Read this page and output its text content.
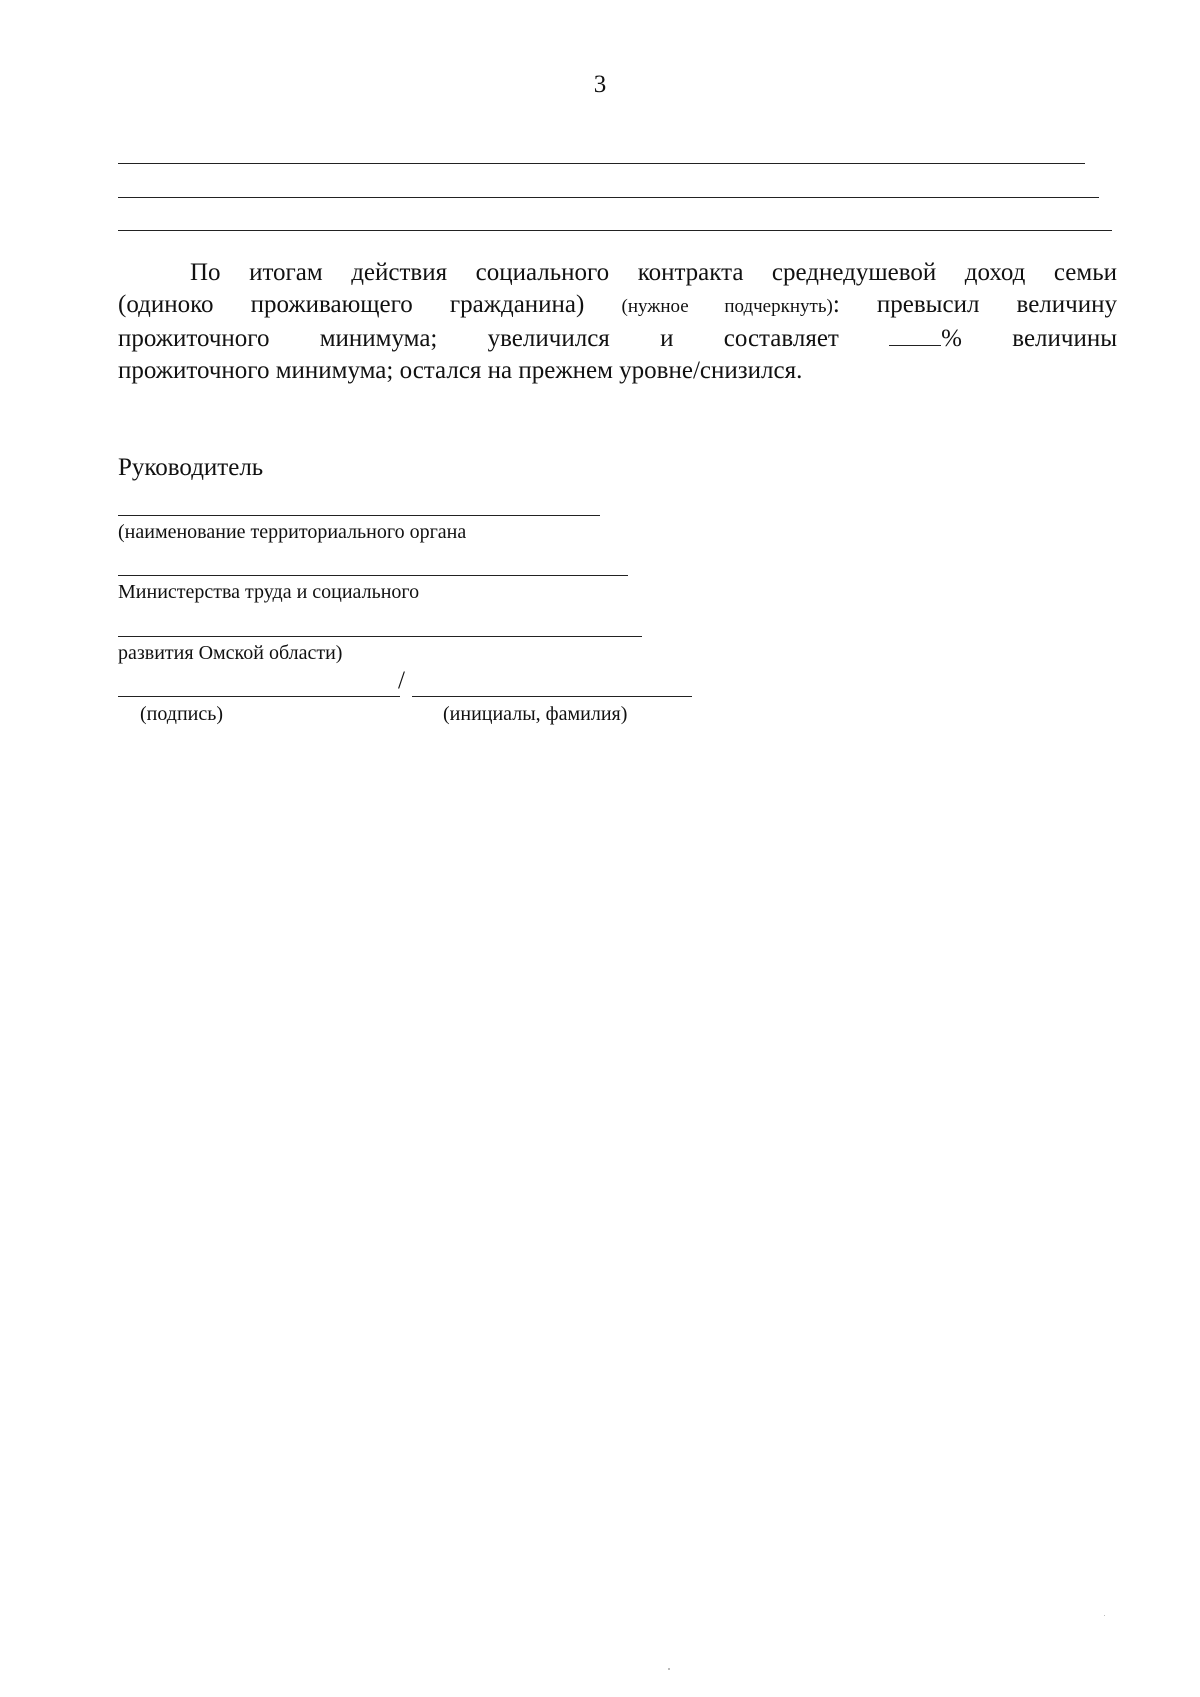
3
По итогам действия социального контракта среднедушевой доход семьи
(одиноко проживающего гражданина) (нужное подчеркнуть): превысил величину
прожиточного минимума; увеличился и составляет	% величины
прожиточного минимума; остался на прежнем уровне/снизился.
Руководитель
(наименование территориального органа
Министерства труда и социального
развития Омской области)
/
(подпись)	(инициалы, фамилия)
